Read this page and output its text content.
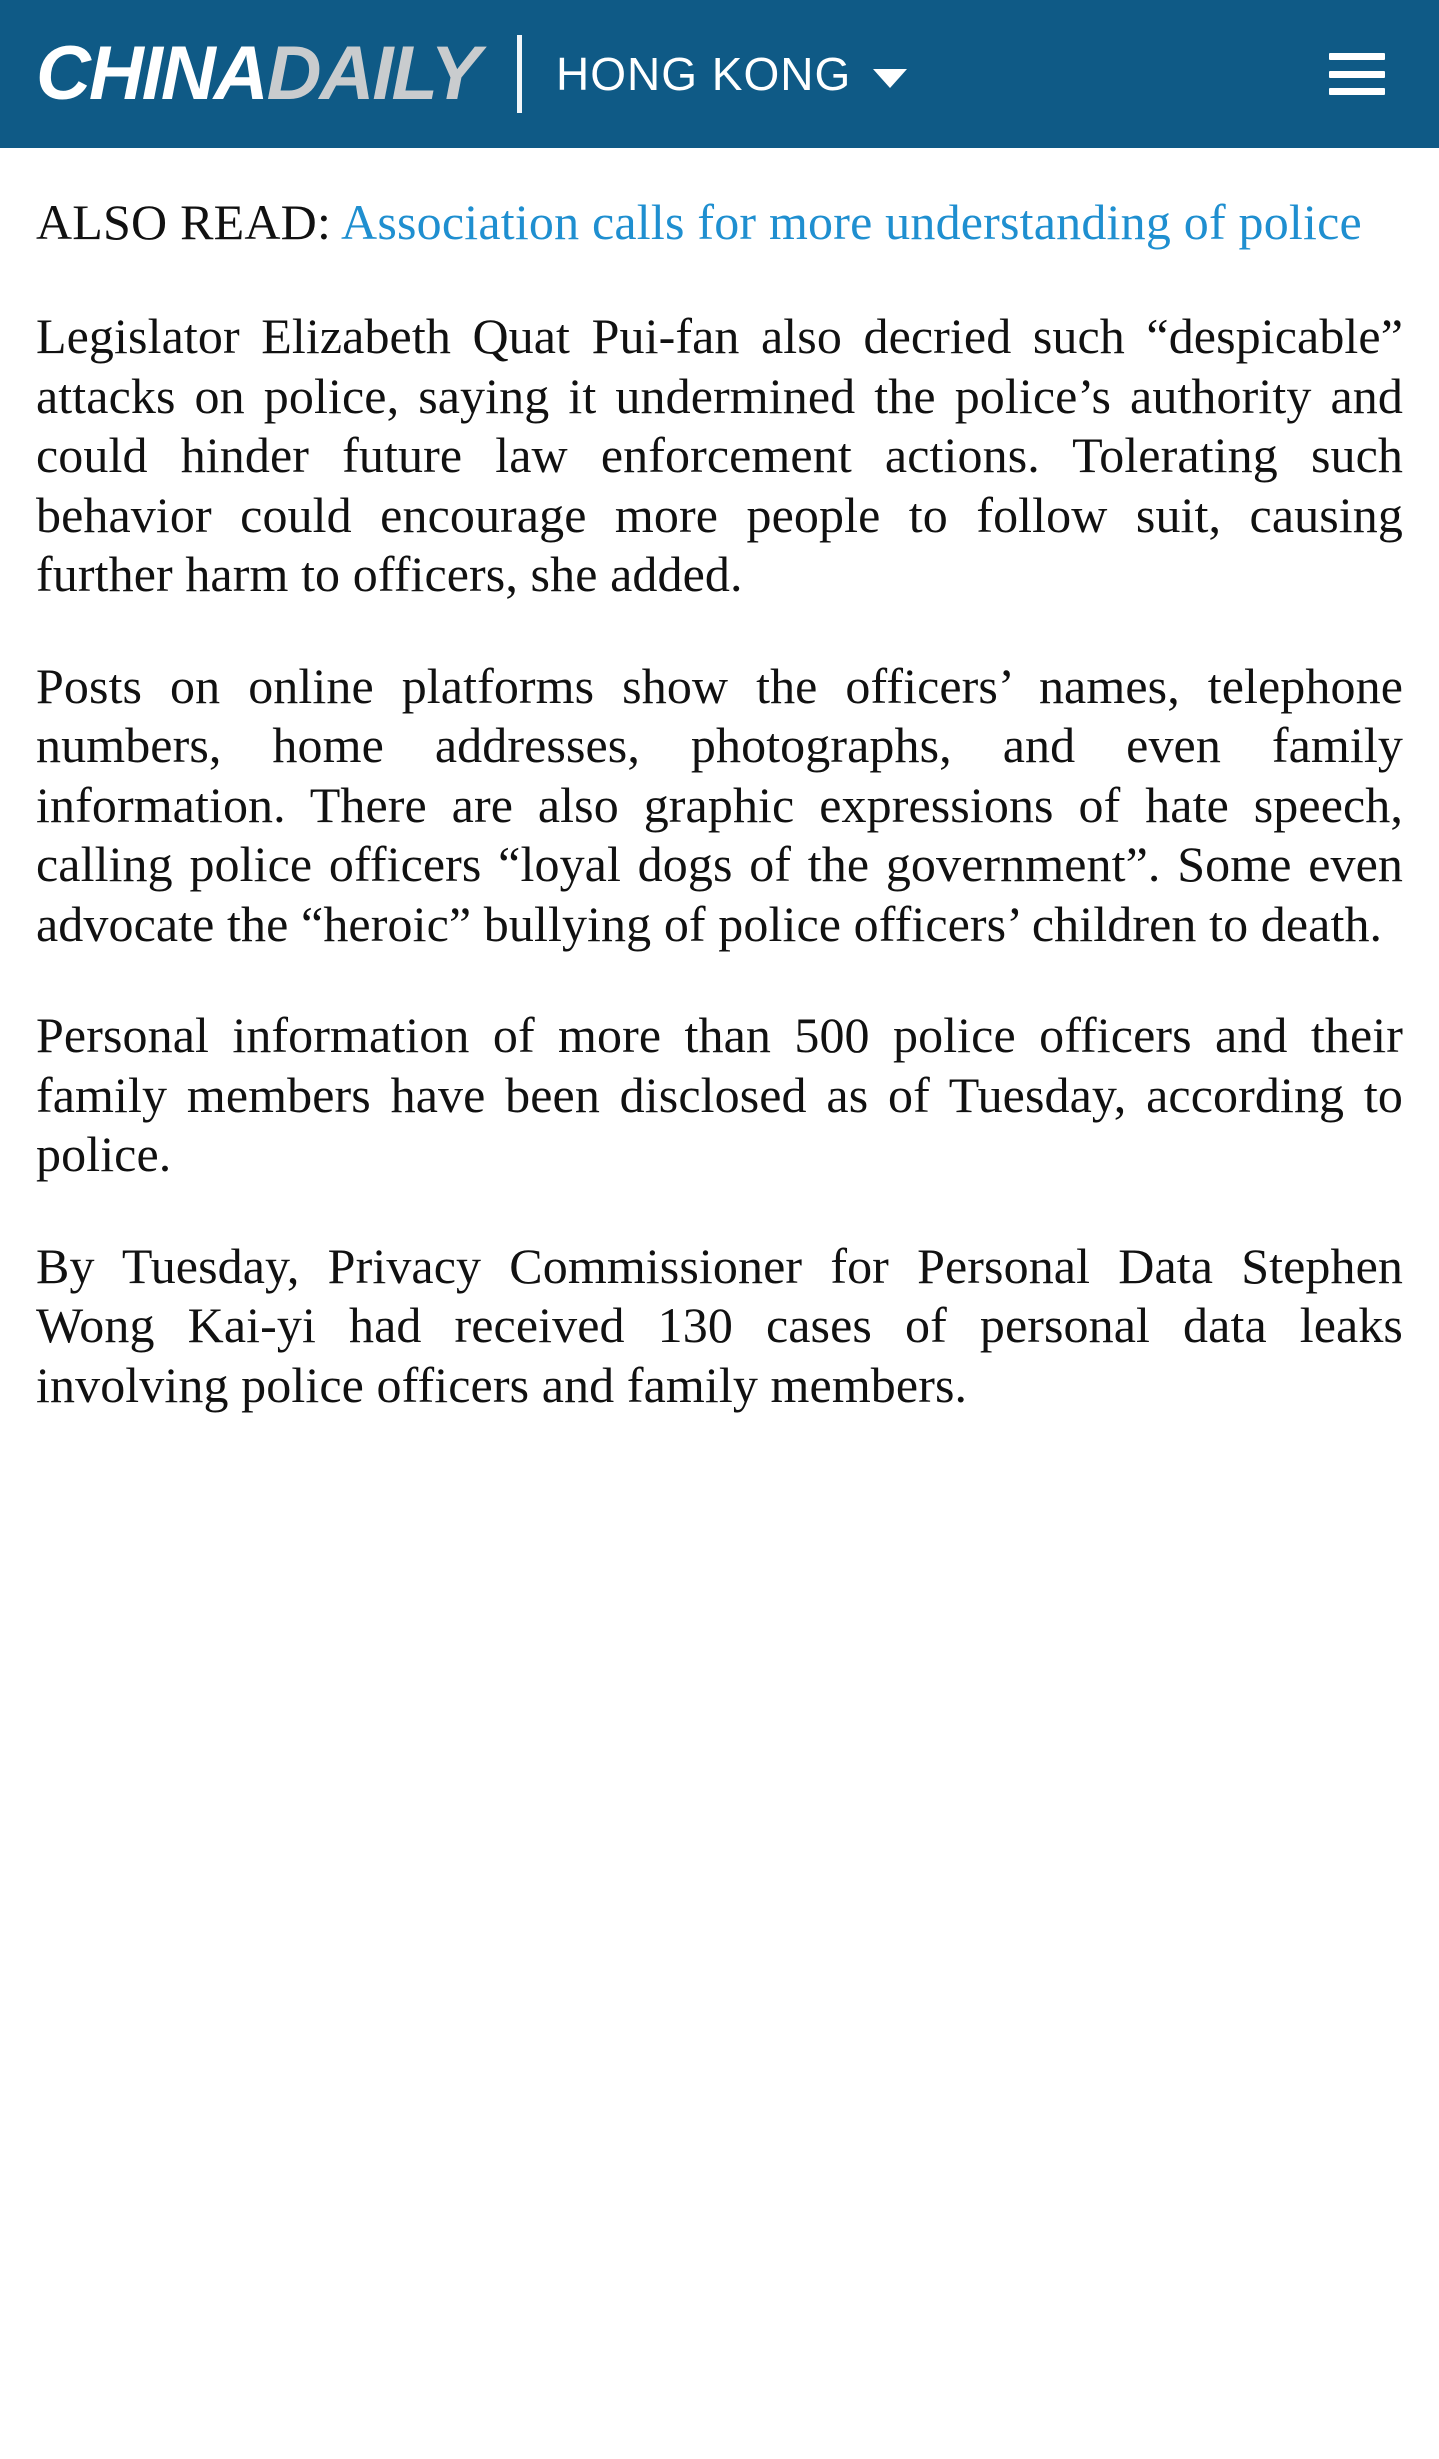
CHINA DAILY HONG KONG

ALSO READ: Association calls for more understanding of police

Legislator Elizabeth Quat Pui-fan also decried such “despicable” attacks on police, saying it undermined the police’s authority and could hinder future law enforcement actions. Tolerating such behavior could encourage more people to follow suit, causing further harm to officers, she added.

Posts on online platforms show the officers’ names, telephone numbers, home addresses, photographs, and even family information. There are also graphic expressions of hate speech, calling police officers “loyal dogs of the government”. Some even advocate the “heroic” bullying of police officers’ children to death.

Personal information of more than 500 police officers and their family members have been disclosed as of Tuesday, according to police.

By Tuesday, Privacy Commissioner for Personal Data Stephen Wong Kai-yi had received 130 cases of personal data leaks involving police officers and family members.
